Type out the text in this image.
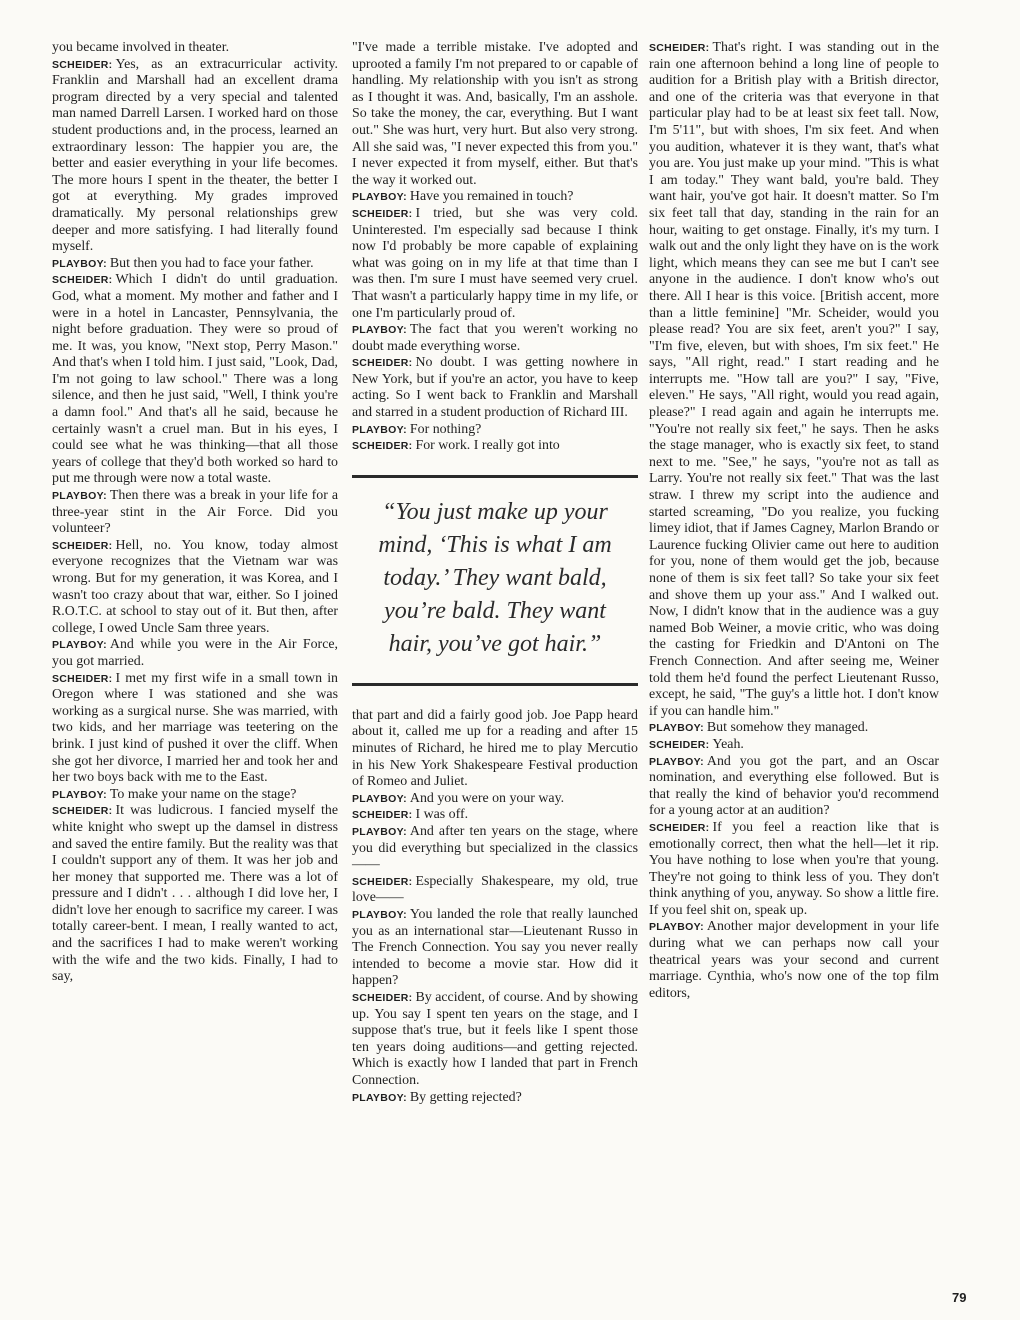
you became involved in theater.

SCHEIDER: Yes, as an extracurricular activity. Franklin and Marshall had an excellent drama program directed by a very special and talented man named Darrell Larsen. I worked hard on those student productions and, in the process, learned an extraordinary lesson: The happier you are, the better and easier everything in your life becomes. The more hours I spent in the theater, the better I got at everything. My grades improved dramatically. My personal relationships grew deeper and more satisfying. I had literally found myself.

PLAYBOY: But then you had to face your father.

SCHEIDER: Which I didn't do until graduation. God, what a moment. My mother and father and I were in a hotel in Lancaster, Pennsylvania, the night before graduation. They were so proud of me. It was, you know, "Next stop, Perry Mason." And that's when I told him. I just said, "Look, Dad, I'm not going to law school." There was a long silence, and then he just said, "Well, I think you're a damn fool." And that's all he said, because he certainly wasn't a cruel man. But in his eyes, I could see what he was thinking—that all those years of college that they'd both worked so hard to put me through were now a total waste.

PLAYBOY: Then there was a break in your life for a three-year stint in the Air Force. Did you volunteer?

SCHEIDER: Hell, no. You know, today almost everyone recognizes that the Vietnam war was wrong. But for my generation, it was Korea, and I wasn't too crazy about that war, either. So I joined R.O.T.C. at school to stay out of it. But then, after college, I owed Uncle Sam three years.

PLAYBOY: And while you were in the Air Force, you got married.

SCHEIDER: I met my first wife in a small town in Oregon where I was stationed and she was working as a surgical nurse. She was married, with two kids, and her marriage was teetering on the brink. I just kind of pushed it over the cliff. When she got her divorce, I married her and took her and her two boys back with me to the East.

PLAYBOY: To make your name on the stage?

SCHEIDER: It was ludicrous. I fancied myself the white knight who swept up the damsel in distress and saved the entire family. But the reality was that I couldn't support any of them. It was her job and her money that supported me. There was a lot of pressure and I didn't . . . although I did love her, I didn't love her enough to sacrifice my career. I was totally career-bent. I mean, I really wanted to act, and the sacrifices I had to make weren't working with the wife and the two kids. Finally, I had to say,

"I've made a terrible mistake. I've adopted and uprooted a family I'm not prepared to or capable of handling. My relationship with you isn't as strong as I thought it was. And, basically, I'm an asshole. So take the money, the car, everything. But I want out." She was hurt, very hurt. But also very strong. All she said was, "I never expected this from you." I never expected it from myself, either. But that's the way it worked out.

PLAYBOY: Have you remained in touch?

SCHEIDER: I tried, but she was very cold. Uninterested. I'm especially sad because I think now I'd probably be more capable of explaining what was going on in my life at that time than I was then. I'm sure I must have seemed very cruel. That wasn't a particularly happy time in my life, or one I'm particularly proud of.

PLAYBOY: The fact that you weren't working no doubt made everything worse.

SCHEIDER: No doubt. I was getting nowhere in New York, but if you're an actor, you have to keep acting. So I went back to Franklin and Marshall and starred in a student production of Richard III.

PLAYBOY: For nothing?

SCHEIDER: For work. I really got into

“You just make up your mind, ‘This is what I am today.’ They want bald, you’re bald. They want hair, you’ve got hair.”

that part and did a fairly good job. Joe Papp heard about it, called me up for a reading and after 15 minutes of Richard, he hired me to play Mercutio in his New York Shakespeare Festival production of Romeo and Juliet.

PLAYBOY: And you were on your way.

SCHEIDER: I was off.

PLAYBOY: And after ten years on the stage, where you did everything but specialized in the classics——

SCHEIDER: Especially Shakespeare, my old, true love——

PLAYBOY: You landed the role that really launched you as an international star—Lieutenant Russo in The French Connection. You say you never really intended to become a movie star. How did it happen?

SCHEIDER: By accident, of course. And by showing up. You say I spent ten years on the stage, and I suppose that's true, but it feels like I spent those ten years doing auditions—and getting rejected. Which is exactly how I landed that part in French Connection.

PLAYBOY: By getting rejected?

SCHEIDER: That's right. I was standing out in the rain one afternoon behind a long line of people to audition for a British play with a British director, and one of the criteria was that everyone in that particular play had to be at least six feet tall. Now, I'm 5'11", but with shoes, I'm six feet. And when you audition, whatever it is they want, that's what you are. You just make up your mind. "This is what I am today." They want bald, you're bald. They want hair, you've got hair. It doesn't matter. So I'm six feet tall that day, standing in the rain for an hour, waiting to get onstage. Finally, it's my turn. I walk out and the only light they have on is the work light, which means they can see me but I can't see anyone in the audience. I don't know who's out there. All I hear is this voice. [British accent, more than a little feminine] "Mr. Scheider, would you please read? You are six feet, aren't you?" I say, "I'm five, eleven, but with shoes, I'm six feet." He says, "All right, read." I start reading and he interrupts me. "How tall are you?" I say, "Five, eleven." He says, "All right, would you read again, please?" I read again and again he interrupts me. "You're not really six feet," he says. Then he asks the stage manager, who is exactly six feet, to stand next to me. "See," he says, "you're not as tall as Larry. You're not really six feet." That was the last straw. I threw my script into the audience and started screaming, "Do you realize, you fucking limey idiot, that if James Cagney, Marlon Brando or Laurence fucking Olivier came out here to audition for you, none of them would get the job, because none of them is six feet tall? So take your six feet and shove them up your ass." And I walked out. Now, I didn't know that in the audience was a guy named Bob Weiner, a movie critic, who was doing the casting for Friedkin and D'Antoni on The French Connection. And after seeing me, Weiner told them he'd found the perfect Lieutenant Russo, except, he said, "The guy's a little hot. I don't know if you can handle him."

PLAYBOY: But somehow they managed.

SCHEIDER: Yeah.

PLAYBOY: And you got the part, and an Oscar nomination, and everything else followed. But is that really the kind of behavior you'd recommend for a young actor at an audition?

SCHEIDER: If you feel a reaction like that is emotionally correct, then what the hell—let it rip. You have nothing to lose when you're that young. They're not going to think less of you. They don't think anything of you, anyway. So show a little fire. If you feel shit on, speak up.

PLAYBOY: Another major development in your life during what we can perhaps now call your theatrical years was your second and current marriage. Cynthia, who's now one of the top film editors,

79
